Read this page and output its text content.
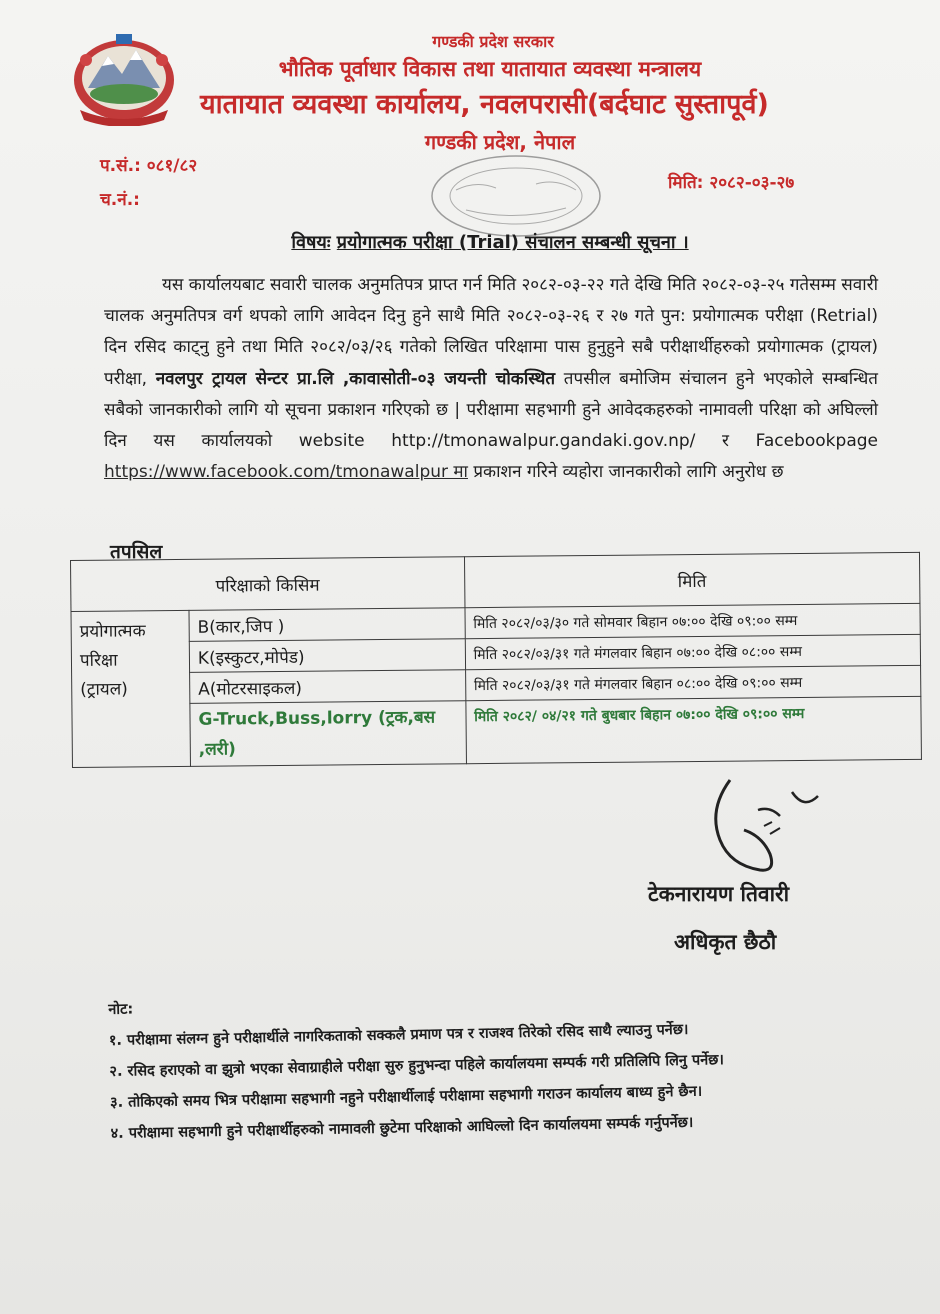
गण्डकी प्रदेश सरकार
भौतिक पूर्वाधार विकास तथा यातायात व्यवस्था मन्त्रालय
यातायात व्यवस्था कार्यालय, नवलपरासी(बर्दघाट सुस्तापूर्व)
गण्डकी प्रदेश, नेपाल
प.सं.: ०८१/८२
च.नं.:
मिति: २०८२-०३-२७
विषयः प्रयोगात्मक परीक्षा (Trial) संचालन सम्बन्धी सूचना ।

यस कार्यालयबाट सवारी चालक अनुमतिपत्र प्राप्त गर्न मिति २०८२-०३-२२ गते देखि मिति २०८२-०३-२५ गतेसम्म सवारी चालक अनुमतिपत्र वर्ग थपको लागि आवेदन दिनु हुने साथै मिति २०८२-०३-२६ र २७ गते पुन: प्रयोगात्मक परीक्षा (Retrial) दिन रसिद काट्नु हुने तथा मिति २०८२/०३/२६ गतेको लिखित परिक्षामा पास हुनुहुने सबै परीक्षार्थीहरुको प्रयोगात्मक (ट्रायल) परीक्षा, नवलपुर ट्रायल सेन्टर प्रा.लि ,कावासोती-०३ जयन्ती चोकस्थित तपसील बमोजिम संचालन हुने भएकोले सम्बन्धित सबैको जानकारीको लागि यो सूचना प्रकाशन गरिएको छ | परीक्षामा सहभागी हुने आवेदकहरुको नामावली परिक्षा को अघिल्लो दिन यस कार्यालयको website http://tmonawalpur.gandaki.gov.np/ र Facebookpage https://www.facebook.com/tmonawalpur मा प्रकाशन गरिने व्यहोरा जानकारीको लागि अनुरोध छ

तपसिल
परिक्षाको किसिम		मिति

प्रयोगात्मक
परिक्षा
(ट्रायल)	B(कार,जिप )	मिति २०८२/०३/३० गते सोमवार बिहान ०७:०० देखि ०९:०० सम्म
	K(इस्कुटर,मोपेड)	मिति २०८२/०३/३१ गते मंगलवार बिहान ०७:०० देखि ०८:०० सम्म
	A(मोटरसाइकल)	मिति २०८२/०३/३१ गते मंगलवार बिहान ०८:०० देखि ०९:०० सम्म
	G-Truck,Buss,lorry (ट्रक,बस ,लरी)	मिति २०८२/ ०४/२१ गते बुधबार बिहान ०७:०० देखि ०९:०० सम्म
टेकनारायण तिवारी
अधिकृत छैठौ
नोट:
१. परीक्षामा संलग्न हुने परीक्षार्थीले नागरिकताको सक्कलै प्रमाण पत्र र राजश्व तिरेको रसिद साथै ल्याउनु पर्नेछ।
२. रसिद हराएको वा झुत्रो भएका सेवाग्राहीले परीक्षा सुरु हुनुभन्दा पहिले कार्यालयमा सम्पर्क गरी प्रतिलिपि लिनु पर्नेछ।
३. तोकिएको समय भित्र परीक्षामा सहभागी नहुने परीक्षार्थीलाई परीक्षामा सहभागी गराउन कार्यालय बाध्य हुने छैन।
४. परीक्षामा सहभागी हुने परीक्षार्थीहरुको नामावली छुटेमा परिक्षाको आघिल्लो दिन कार्यालयमा सम्पर्क गर्नुपर्नेछ।
